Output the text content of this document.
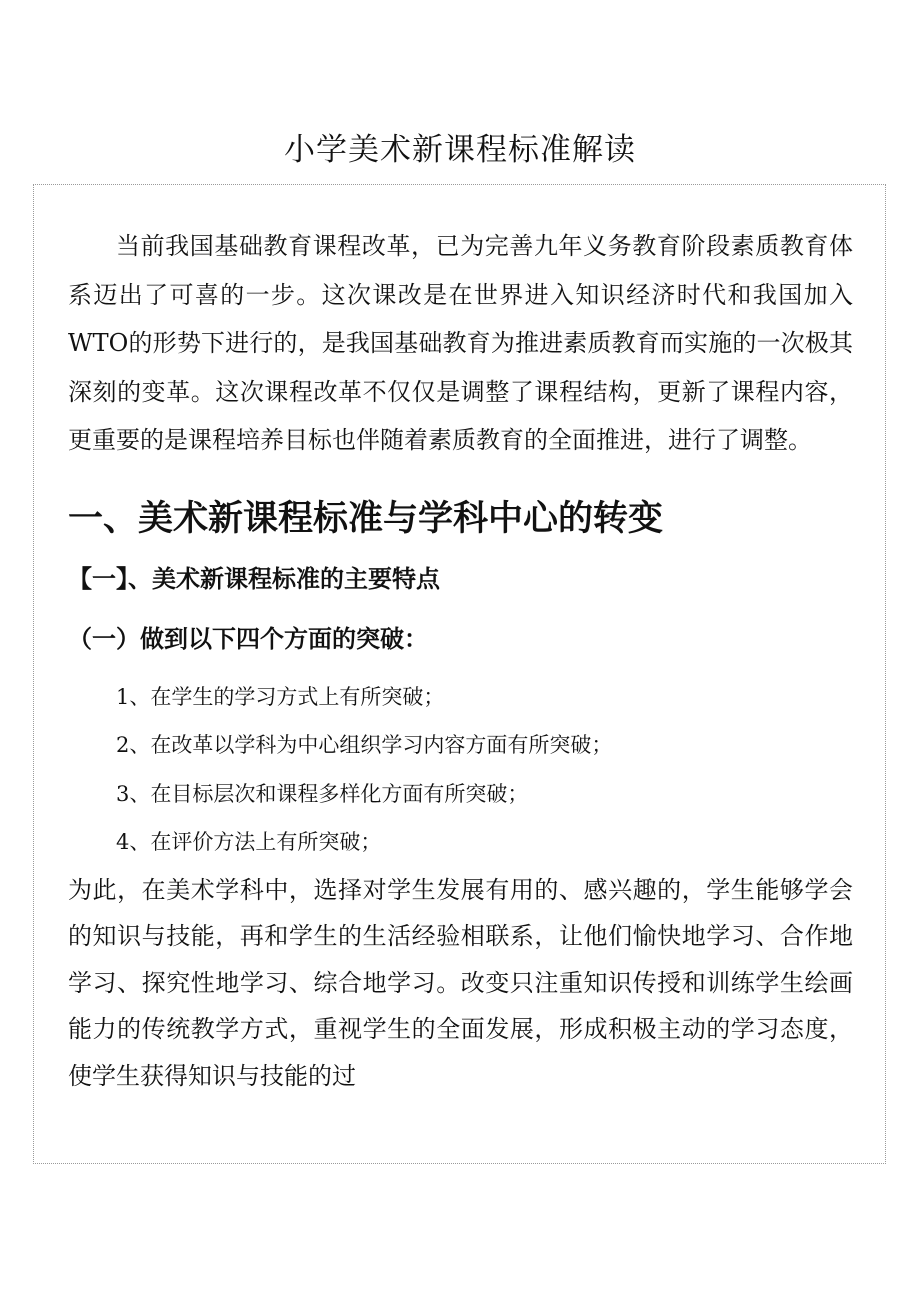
小学美术新课程标准解读

当前我国基础教育课程改革，已为完善九年义务教育阶段素质教育体系迈出了可喜的一步。这次课改是在世界进入知识经济时代和我国加入WTO的形势下进行的，是我国基础教育为推进素质教育而实施的一次极其深刻的变革。这次课程改革不仅仅是调整了课程结构，更新了课程内容，更重要的是课程培养目标也伴随着素质教育的全面推进，进行了调整。

一、美术新课程标准与学科中心的转变
【一】、美术新课程标准的主要特点
（一）做到以下四个方面的突破：
1、在学生的学习方式上有所突破；
2、在改革以学科为中心组织学习内容方面有所突破；
3、在目标层次和课程多样化方面有所突破；
4、在评价方法上有所突破；

为此，在美术学科中，选择对学生发展有用的、感兴趣的，学生能够学会的知识与技能，再和学生的生活经验相联系，让他们愉快地学习、合作地学习、探究性地学习、综合地学习。改变只注重知识传授和训练学生绘画能力的传统教学方式，重视学生的全面发展，形成积极主动的学习态度，使学生获得知识与技能的过
